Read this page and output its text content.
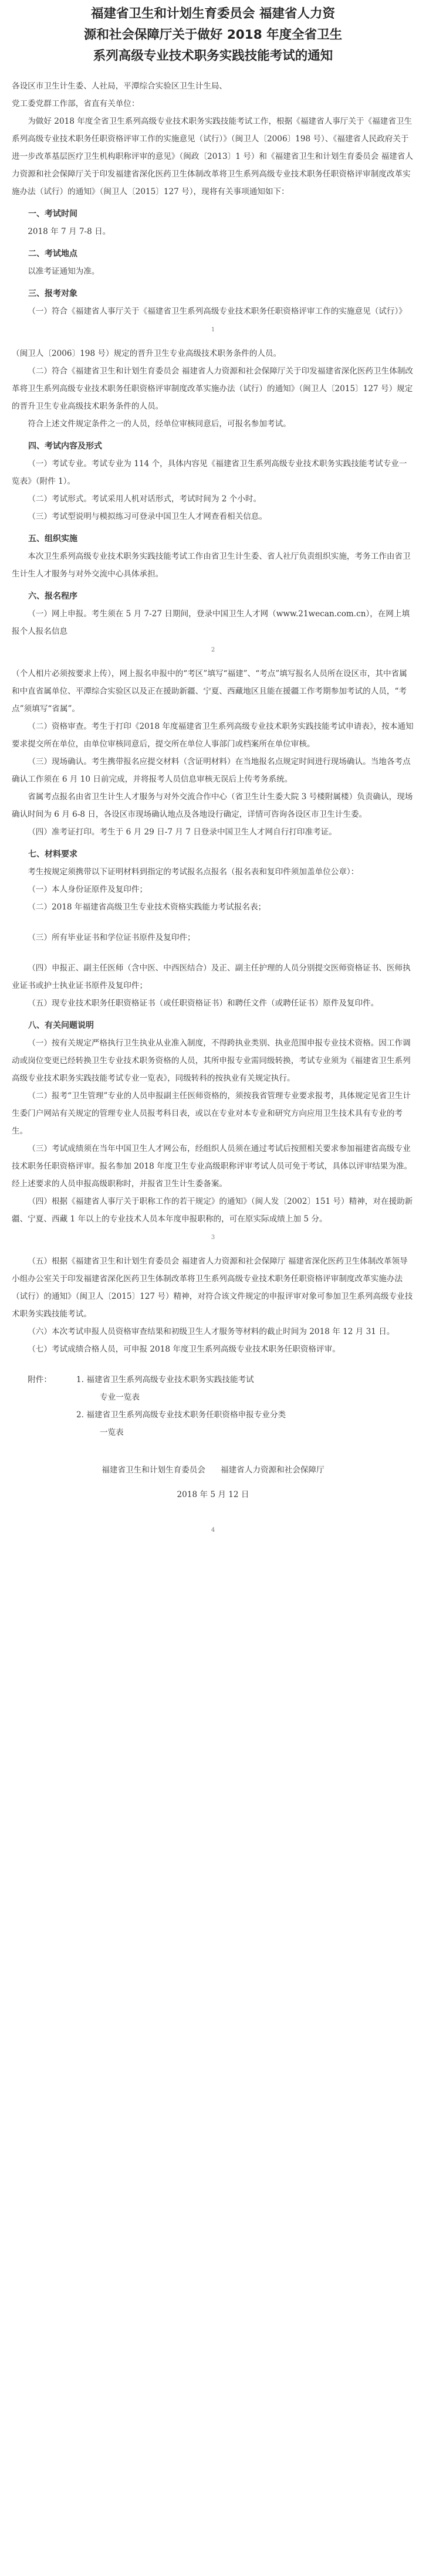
福建省卫生和计划生育委员会 福建省人力资
源和社会保障厅关于做好 2018 年度全省卫生
系列高级专业技术职务实践技能考试的通知

各设区市卫生计生委、人社局，平潭综合实验区卫生计生局、

党工委党群工作部，省直有关单位：

为做好 2018 年度全省卫生系列高级专业技术职务实践技能考试工作，根据《福建省人事厅关于《福建省卫生系列高级专业技术职务任职资格评审工作的实施意见（试行）》（闽卫人〔2006〕198 号）、《福建省人民政府关于进一步改革基层医疗卫生机构职称评审的意见》（闽政〔2013〕1 号）和《福建省卫生和计划生育委员会 福建省人力资源和社会保障厅关于印发福建省深化医药卫生体制改革将卫生系列高级专业技术职务任职资格评审制度改革实施办法（试行）的通知》（闽卫人〔2015〕127 号），现将有关事项通知如下：

一、考试时间

2018 年 7 月 7-8 日。

二、考试地点

以准考证通知为准。

三、报考对象

（一）符合《福建省人事厅关于《福建省卫生系列高级专业技术职务任职资格评审工作的实施意见（试行）》

1

（闽卫人〔2006〕198 号）规定的晋升卫生专业高级技术职务条件的人员。

（二）符合《福建省卫生和计划生育委员会 福建省人力资源和社会保障厅关于印发福建省深化医药卫生体制改革将卫生系列高级专业技术职务任职资格评审制度改革实施办法（试行）的通知》（闽卫人〔2015〕127 号）规定的晋升卫生专业高级技术职务条件的人员。

符合上述文件规定条件之一的人员，经单位审核同意后，可报名参加考试。

四、考试内容及形式

（一）考试专业。考试专业为 114 个，具体内容见《福建省卫生系列高级专业技术职务实践技能考试专业一览表》（附件 1）。

（二）考试形式。考试采用人机对话形式，考试时间为 2 个小时。

（三）考试型说明与模拟练习可登录中国卫生人才网查看相关信息。

五、组织实施

本次卫生系列高级专业技术职务实践技能考试工作由省卫生计生委、省人社厅负责组织实施，考务工作由省卫生计生人才服务与对外交流中心具体承担。

六、报名程序

（一）网上申报。考生须在 5 月 7-27 日期间，登录中国卫生人才网（www.21wecan.com.cn），在网上填报个人报名信息

2

（个人相片必须按要求上传），网上报名申报中的“考区”填写“福建”、“考点”填写报名人员所在设区市，其中省属和中直省属单位、平潭综合实验区以及正在援助新疆、宁夏、西藏地区且能在援疆工作考期参加考试的人员，“考点”须填写“省属”。

（二）资格审查。考生于打印《2018 年度福建省卫生系列高级专业技术职务实践技能考试申请表》，按本通知要求提交所在单位，由单位审核同意后，提交所在单位人事部门或档案所在单位审核。

（三）现场确认。考生携带报名应提交材料（含证明材料）在当地报名点规定时间进行现场确认。当地各考点确认工作须在 6 月 10 日前完成，并将报考人员信息审核无误后上传考务系统。

省属考点报名由省卫生计生人才服务与对外交流合作中心（省卫生计生委大院 3 号楼附属楼）负责确认，现场确认时间为 6 月 6-8 日，各设区市现场确认地点及各地设行确定，详情可咨询各设区市卫生计生委。

（四）准考证打印。考生于 6 月 29 日-7 月 7 日登录中国卫生人才网自行打印准考证。

七、材料要求

考生按规定须携带以下证明材料到指定的考试报名点报名（报名表和复印件须加盖单位公章）：

（一）本人身份证原件及复印件；

（二）2018 年福建省高级卫生专业技术资格实践能力考试报名表；

（三）所有毕业证书和学位证书原件及复印件；

（四）申报正、副主任医师（含中医、中西医结合）及正、副主任护理的人员分别提交医师资格证书、医师执业证书或护士执业证书原件及复印件；

（五）现专业技术职务任职资格证书（或任职资格证书）和聘任文件（或聘任证书）原件及复印件。

八、有关问题说明

（一）按有关规定严格执行卫生执业从业准入制度，不得跨执业类别、执业范围申报专业技术资格。因工作调动或岗位变更已经转换卫生专业技术职务资格的人员，其所申报专业需同级转换，考试专业须为《福建省卫生系列高级专业技术职务实践技能考试专业一览表》，同级转科的按执业有关规定执行。

（二）报考“卫生管理”专业的人员申报副主任医师资格的，须按我省管理专业要求报考，具体规定见省卫生计生委门户网站有关规定的管理专业人员报考科目表，或以在专业对本专业和研究方向应用卫生技术具有专业的考生。

（三）考试成绩须在当年中国卫生人才网公布，经组织人员须在通过考试后按照相关要求参加福建省高级专业技术职务任职资格评审。报名参加 2018 年度卫生专业高级职称评审考试人员可免于考试，具体以评审结果为准。经上述要求的人员申报高级职称时，并报省卫生计生委备案。

（四）根据《福建省人事厅关于职称工作的若干规定》的通知》（闽人发〔2002〕151 号）精神，对在援助新疆、宁夏、西藏 1 年以上的专业技术人员本年度申报职称的，可在原实际成绩上加 5 分。

3

（五）根据《福建省卫生和计划生育委员会 福建省人力资源和社会保障厅 福建省深化医药卫生体制改革领导小组办公室关于印发福建省深化医药卫生体制改革将卫生系列高级专业技术职务任职资格评审制度改革实施办法（试行）的通知》（闽卫人〔2015〕127 号）精神，对符合该文件规定的申报评审对象可参加卫生系列高级专业技术职务实践技能考试。

（六）本次考试申报人员资格审查结果和初级卫生人才服务等材料的截止时间为 2018 年 12 月 31 日。

（七）考试成绩合格人员，可申报 2018 年度卫生系列高级专业技术职务任职资格评审。

附件：	1. 福建省卫生系列高级专业技术职务实践技能考试
专业一览表
2. 福建省卫生系列高级专业技术职务任职资格申报专业分类
一览表
福建省卫生和计划生育委员会 福建省人力资源和社会保障厅
2018 年 5 月 12 日
4
